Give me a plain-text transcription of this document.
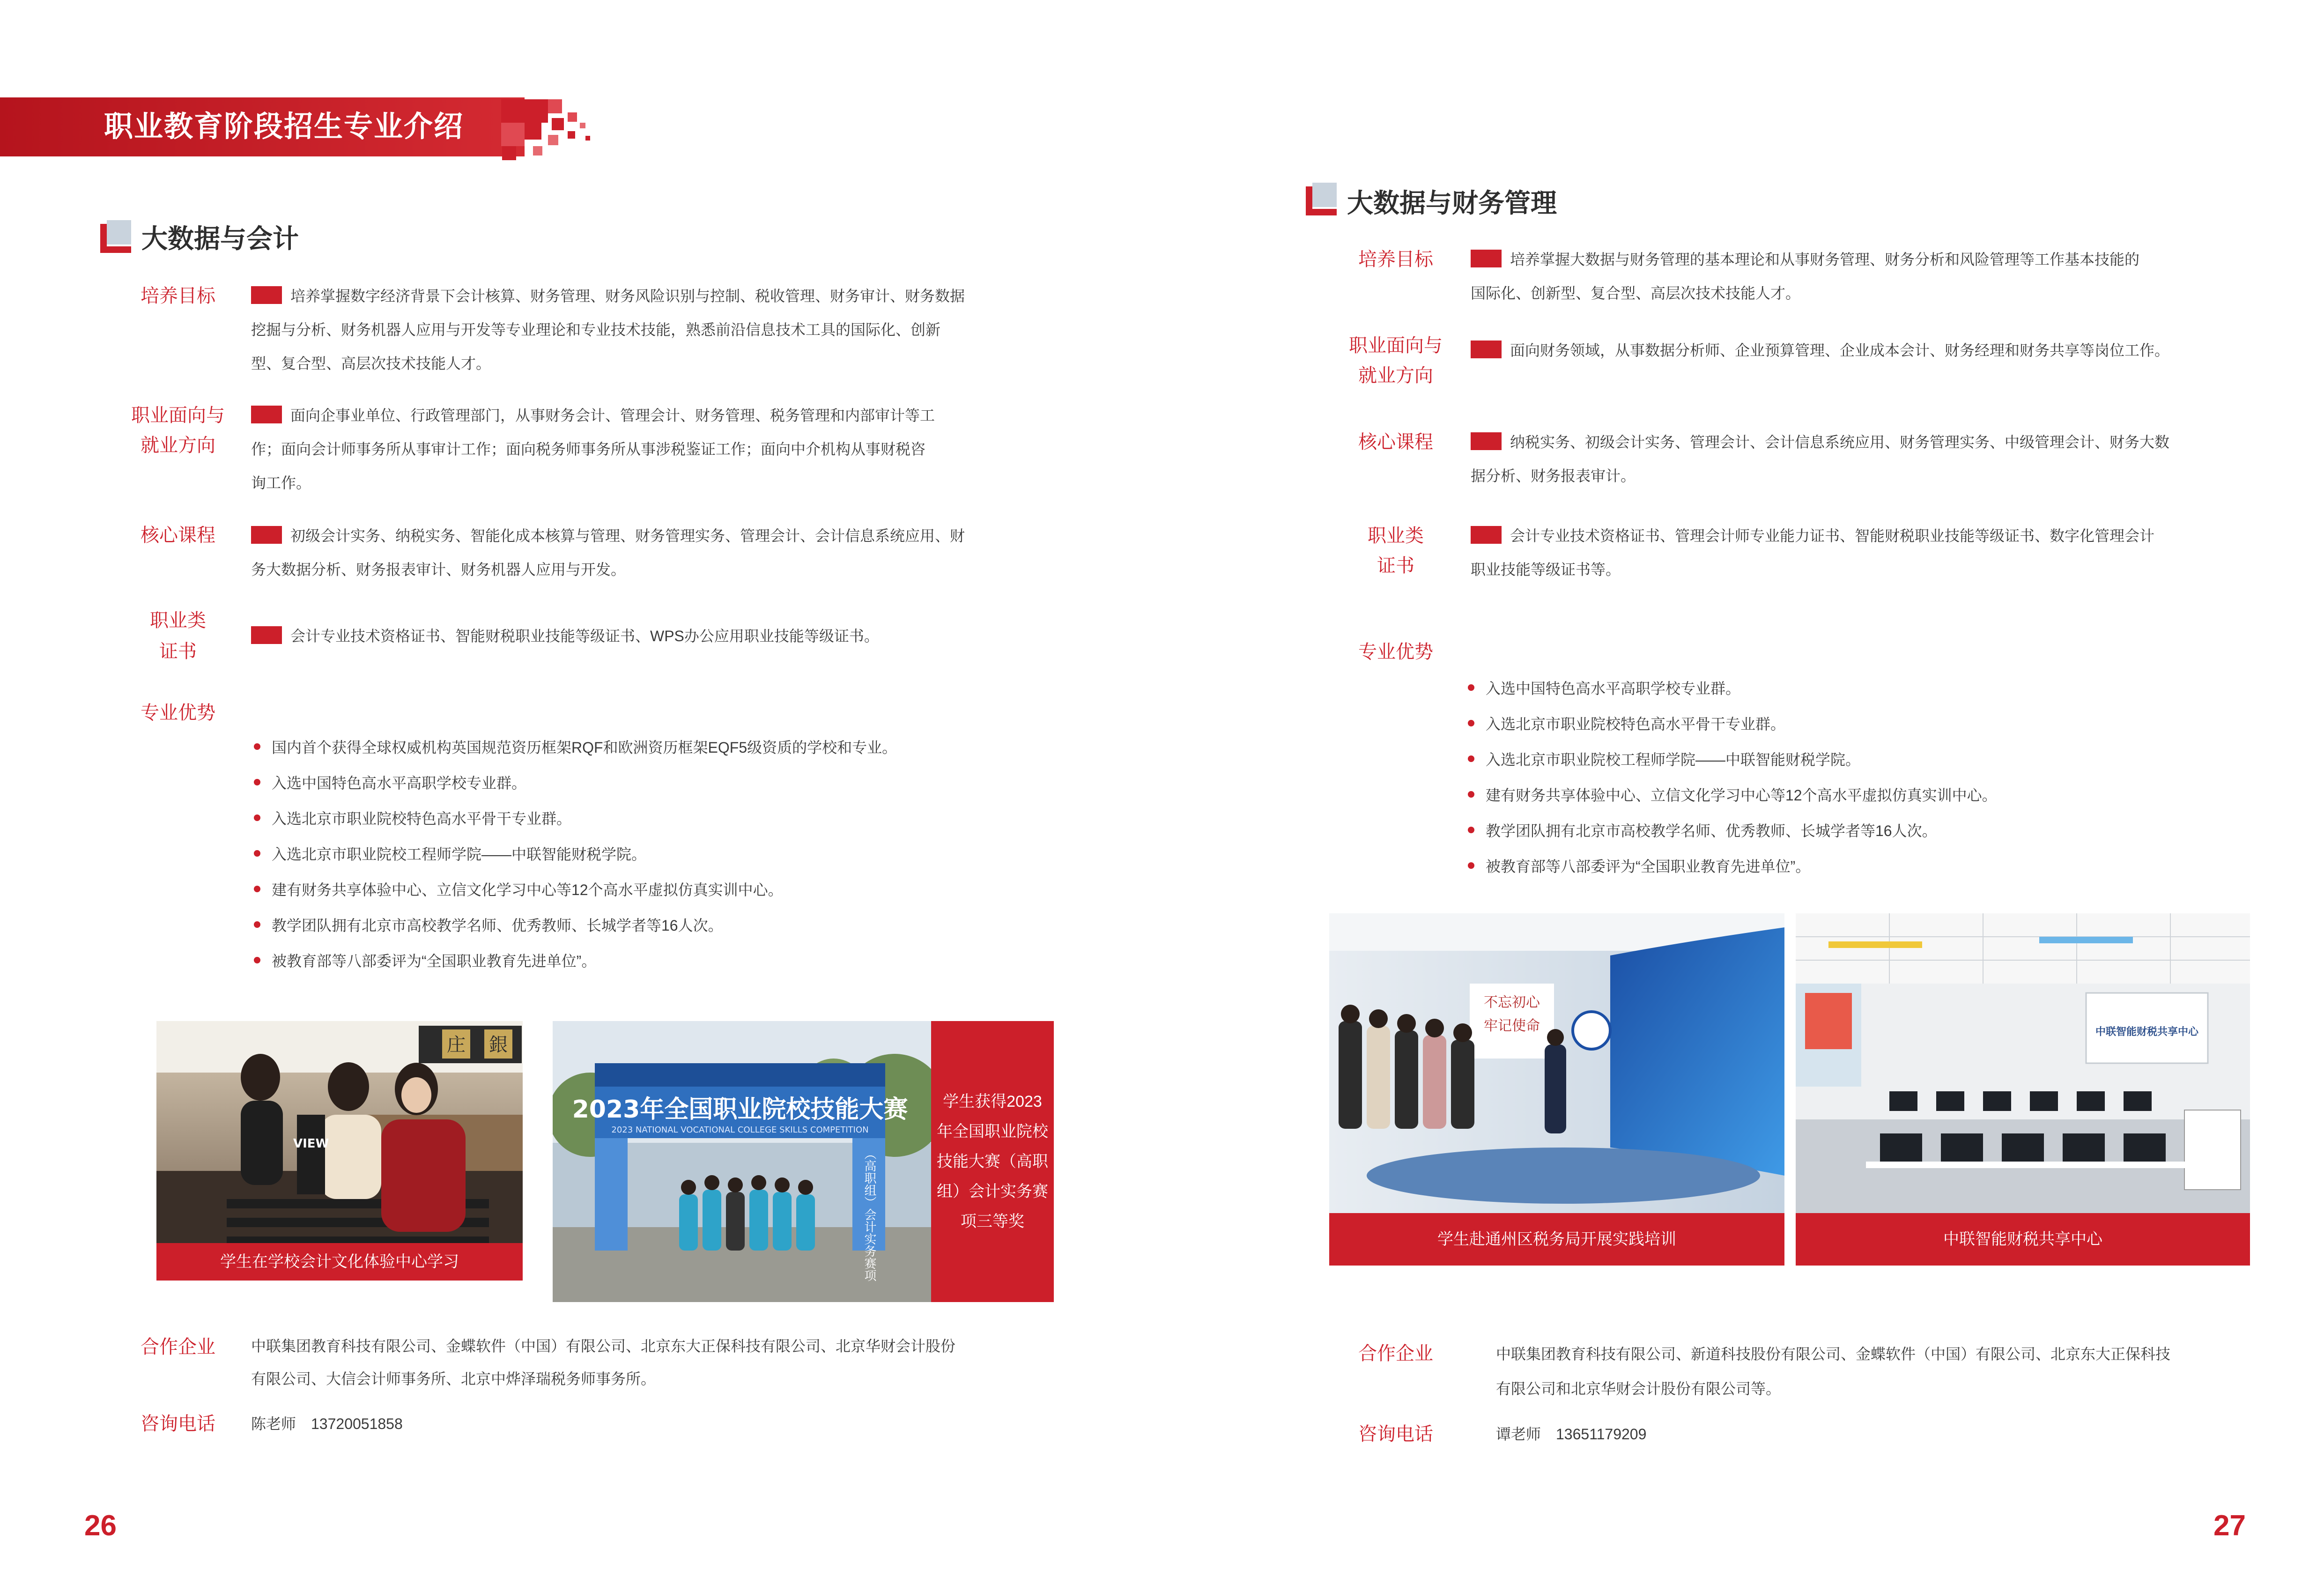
职业教育阶段招生专业介绍
大数据与会计
培养目标
职业面向与
就业方向
核心课程
职业类
证书
专业优势
合作企业
咨询电话
培养掌握数字经济背景下会计核算、财务管理、财务风险识别与控制、税收管理、财务审计、财务数据
挖掘与分析、财务机器人应用与开发等专业理论和专业技术技能，熟悉前沿信息技术工具的国际化、创新
型、复合型、高层次技术技能人才。
面向企事业单位、行政管理部门，从事财务会计、管理会计、财务管理、税务管理和内部审计等工
作；面向会计师事务所从事审计工作；面向税务师事务所从事涉税鉴证工作；面向中介机构从事财税咨
询工作。
初级会计实务、纳税实务、智能化成本核算与管理、财务管理实务、管理会计、会计信息系统应用、财
务大数据分析、财务报表审计、财务机器人应用与开发。
会计专业技术资格证书、智能财税职业技能等级证书、WPS办公应用职业技能等级证书。
国内首个获得全球权威机构英国规范资历框架RQF和欧洲资历框架EQF5级资质的学校和专业。
入选中国特色高水平高职学校专业群。
入选北京市职业院校特色高水平骨干专业群。
入选北京市职业院校工程师学院——中联智能财税学院。
建有财务共享体验中心、立信文化学习中心等12个高水平虚拟仿真实训中心。
教学团队拥有北京市高校教学名师、优秀教师、长城学者等16人次。
被教育部等八部委评为“全国职业教育先进单位”。
庄 銀
VIEW
学生在学校会计文化体验中心学习
2023年全国职业院校技能大赛
2023 NATIONAL VOCATIONAL COLLEGE SKILLS COMPETITION
（高职组）会计实务赛项
学生获得2023
年全国职业院校
技能大赛（高职
组）会计实务赛
项三等奖
中联集团教育科技有限公司、金蝶软件（中国）有限公司、北京东大正保科技有限公司、北京华财会计股份
有限公司、大信会计师事务所、北京中烨泽瑞税务师事务所。
陈老师　13720051858
26
大数据与财务管理
培养目标
职业面向与
就业方向
核心课程
职业类
证书
专业优势
合作企业
咨询电话
培养掌握大数据与财务管理的基本理论和从事财务管理、财务分析和风险管理等工作基本技能的
国际化、创新型、复合型、高层次技术技能人才。
面向财务领域，从事数据分析师、企业预算管理、企业成本会计、财务经理和财务共享等岗位工作。
纳税实务、初级会计实务、管理会计、会计信息系统应用、财务管理实务、中级管理会计、财务大数
据分析、财务报表审计。
会计专业技术资格证书、管理会计师专业能力证书、智能财税职业技能等级证书、数字化管理会计
职业技能等级证书等。
入选中国特色高水平高职学校专业群。
入选北京市职业院校特色高水平骨干专业群。
入选北京市职业院校工程师学院——中联智能财税学院。
建有财务共享体验中心、立信文化学习中心等12个高水平虚拟仿真实训中心。
教学团队拥有北京市高校教学名师、优秀教师、长城学者等16人次。
被教育部等八部委评为“全国职业教育先进单位”。
不忘初心
牢记使命
学生赴通州区税务局开展实践培训
中联智能财税共享中心
中联智能财税共享中心
中联集团教育科技有限公司、新道科技股份有限公司、金蝶软件（中国）有限公司、北京东大正保科技
有限公司和北京华财会计股份有限公司等。
谭老师　13651179209
27
